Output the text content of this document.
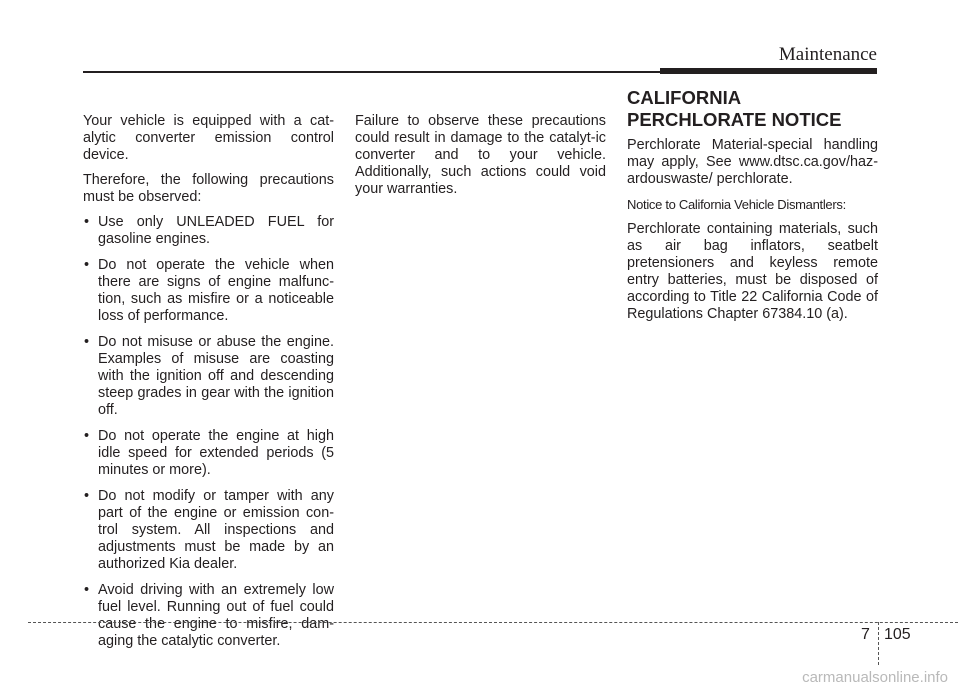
Maintenance

Your vehicle is equipped with a cat-alytic converter emission control device.

Therefore, the following precautions must be observed:

• Use only UNLEADED FUEL for gasoline engines.
• Do not operate the vehicle when there are signs of engine malfunc-tion, such as misfire or a noticeable loss of performance.
• Do not misuse or abuse the engine. Examples of misuse are coasting with the ignition off and descending steep grades in gear with the ignition off.
• Do not operate the engine at high idle speed for extended periods (5 minutes or more).
• Do not modify or tamper with any part of the engine or emission con-trol system. All inspections and adjustments must be made by an authorized Kia dealer.
• Avoid driving with an extremely low fuel level. Running out of fuel could cause the engine to misfire, dam-aging the catalytic converter.

Failure to observe these precautions could result in damage to the catalyt-ic converter and to your vehicle. Additionally, such actions could void your warranties.

CALIFORNIA
PERCHLORATE NOTICE

Perchlorate Material-special handling may apply, See www.dtsc.ca.gov/haz-ardouswaste/ perchlorate.

Notice to California Vehicle Dismantlers:

Perchlorate containing materials, such as air bag inflators, seatbelt pretensioners and keyless remote entry batteries, must be disposed of according to Title 22 California Code of Regulations Chapter 67384.10 (a).

7 105
carmanualsonline.info
